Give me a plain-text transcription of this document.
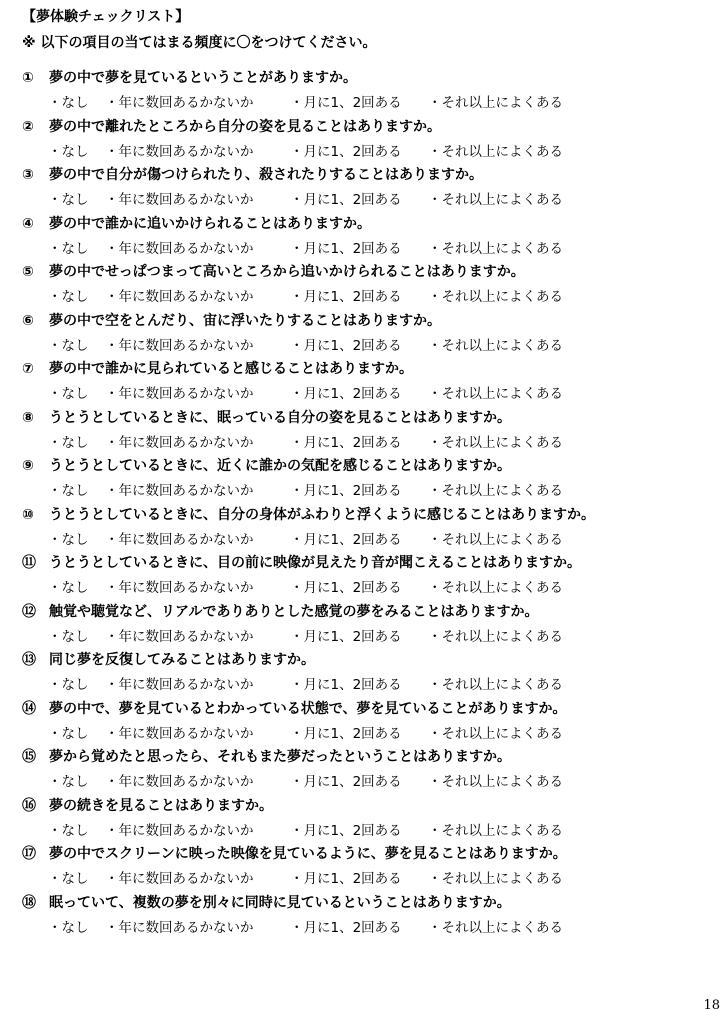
【夢体験チェックリスト】
※ 以下の項目の当てはまる頻度に〇をつけてください。
① 夢の中で夢を見ているということがありますか。
・なし ・年に数回あるかないか	・月に1、2回ある ・それ以上によくある
② 夢の中で離れたところから自分の姿を見ることはありますか。
・なし ・年に数回あるかないか	・月に1、2回ある ・それ以上によくある
③ 夢の中で自分が傷つけられたり、殺されたりすることはありますか。
・なし ・年に数回あるかないか	・月に1、2回ある ・それ以上によくある
④ 夢の中で誰かに追いかけられることはありますか。
・なし ・年に数回あるかないか	・月に1、2回ある ・それ以上によくある
⑤ 夢の中でせっぱつまって高いところから追いかけられることはありますか。
・なし ・年に数回あるかないか	・月に1、2回ある ・それ以上によくある
⑥ 夢の中で空をとんだり、宙に浮いたりすることはありますか。
・なし ・年に数回あるかないか	・月に1、2回ある ・それ以上によくある
⑦ 夢の中で誰かに見られていると感じることはありますか。
・なし ・年に数回あるかないか	・月に1、2回ある ・それ以上によくある
⑧ うとうとしているときに、眠っている自分の姿を見ることはありますか。
・なし ・年に数回あるかないか	・月に1、2回ある ・それ以上によくある
⑨ うとうとしているときに、近くに誰かの気配を感じることはありますか。
・なし ・年に数回あるかないか	・月に1、2回ある ・それ以上によくある
⑩ うとうとしているときに、自分の身体がふわりと浮くように感じることはありますか。
・なし ・年に数回あるかないか	・月に1、2回ある ・それ以上によくある
⑪ うとうとしているときに、目の前に映像が見えたり音が聞こえることはありますか。
・なし ・年に数回あるかないか	・月に1、2回ある ・それ以上によくある
⑫ 触覚や聴覚など、リアルでありありとした感覚の夢をみることはありますか。
・なし ・年に数回あるかないか	・月に1、2回ある ・それ以上によくある
⑬ 同じ夢を反復してみることはありますか。
・なし ・年に数回あるかないか	・月に1、2回ある ・それ以上によくある
⑭ 夢の中で、夢を見ているとわかっている状態で、夢を見ていることがありますか。
・なし ・年に数回あるかないか	・月に1、2回ある ・それ以上によくある
⑮ 夢から覚めたと思ったら、それもまた夢だったということはありますか。
・なし ・年に数回あるかないか	・月に1、2回ある ・それ以上によくある
⑯ 夢の続きを見ることはありますか。
・なし ・年に数回あるかないか	・月に1、2回ある ・それ以上によくある
⑰ 夢の中でスクリーンに映った映像を見ているように、夢を見ることはありますか。
・なし ・年に数回あるかないか	・月に1、2回ある ・それ以上によくある
⑱ 眠っていて、複数の夢を別々に同時に見ているということはありますか。
・なし ・年に数回あるかないか	・月に1、2回ある ・それ以上によくある
18
